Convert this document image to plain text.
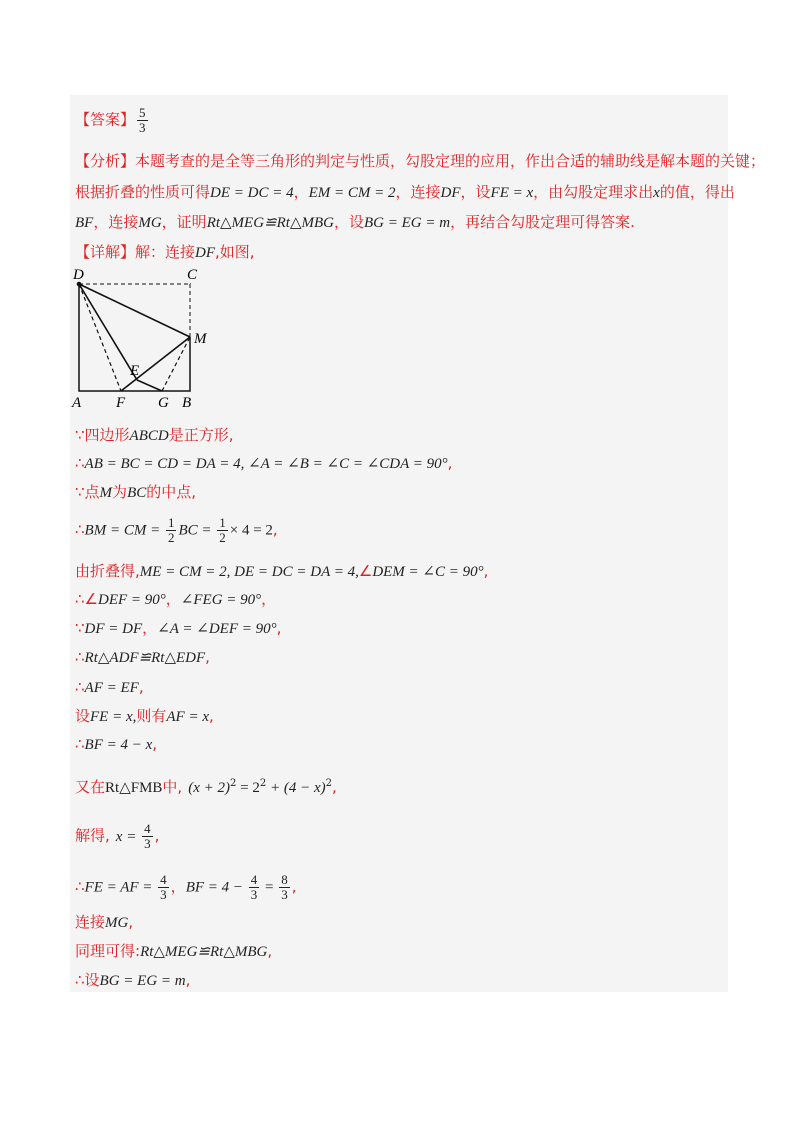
【答案】 $\frac{5}{3}$
【分析】本题考查的是全等三角形的判定与性质，勾股定理的应用，作出合适的辅助线是解本题的关键；
根据折叠的性质可得DE = DC = 4，EM = CM = 2，连接DF，设FE = x，由勾股定理求出x的值，得出
BF，连接MG，证明Rt△MEG≌Rt△MBG，设BG = EG = m，再结合勾股定理可得答案.
【详解】解：连接DF,如图,
D	C
M
E
A F G B
∵四边形ABCD是正方形,
∴AB = BC = CD = DA = 4, ∠A = ∠B = ∠C = ∠CDA = 90°,
∵点M为BC的中点,
∴BM = CM = $\frac{1}{2}$ BC = $\frac{1}{2} \times 4 = 2$,
由折叠得,ME = CM = 2, DE = DC = DA = 4,∠DEM = ∠C = 90°,
∴∠DEF = 90°，∠FEG = 90°，
∵DF = DF，∠A = ∠DEF = 90°,
∴Rt△ADF≌Rt△EDF,
∴AF = EF,
设FE = x,则有AF = x,
∴BF = 4 − x,
又在Rt△FMB中, $(x + 2)^2 = 2^2 + (4 - x)^2$,
解得, $x = \frac{4}{3}$ ,
∴FE = AF = $\frac{4}{3}$ ，BF = $4 - \frac{4}{3} = \frac{8}{3}$ ,
连接MG,
同理可得:Rt△MEG≌Rt△MBG,
∴设BG = EG = m,
